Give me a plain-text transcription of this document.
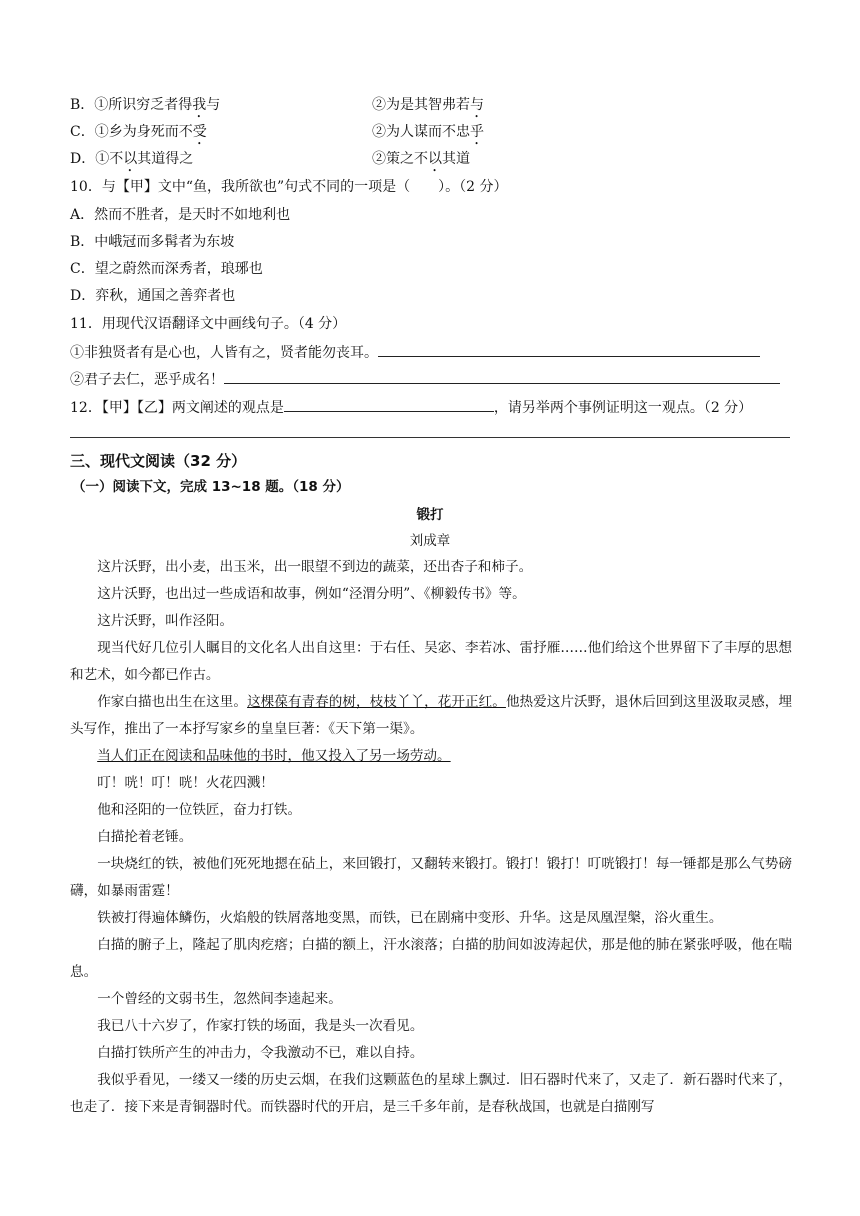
B．①所识穷乏者得我与	②为是其智弗若与
C．①乡为身死而不受	②为人谋而不忠乎
D．①不以其道得之	②策之不以其道
10．与【甲】文中“鱼，我所欲也”句式不同的一项是（　　）。（2 分）
A．然而不胜者，是天时不如地利也
B．中峨冠而多髯者为东坡
C．望之蔚然而深秀者，琅琊也
D．弈秋，通国之善弈者也
11．用现代汉语翻译文中画线句子。（4 分）
①非独贤者有是心也，人皆有之，贤者能勿丧耳。
②君子去仁，恶乎成名！
12．【甲】【乙】两文阐述的观点是	，请另举两个事例证明这一观点。（2 分）
三、现代文阅读（32 分）
（一）阅读下文，完成 13~18 题。（18 分）
锻打
刘成章

这片沃野，出小麦，出玉米，出一眼望不到边的蔬菜，还出杏子和柿子。

这片沃野，也出过一些成语和故事，例如“泾渭分明”、《柳毅传书》等。

这片沃野，叫作泾阳。

现当代好几位引人瞩目的文化名人出自这里：于右任、吴宓、李若冰、雷抒雁……他们给这个世界留下了丰厚的思想和艺术，如今都已作古。

作家白描也出生在这里。这棵葆有青春的树，枝枝丫丫，花开正红。他热爱这片沃野，退休后回到这里汲取灵感，埋头写作，推出了一本抒写家乡的皇皇巨著：《天下第一渠》。

当人们正在阅读和品味他的书时，他又投入了另一场劳动。

叮！咣！叮！咣！火花四溅！

他和泾阳的一位铁匠，奋力打铁。

白描抡着老锤。

一块烧红的铁，被他们死死地摁在砧上，来回锻打，又翻转来锻打。锻打！锻打！叮咣锻打！每一锤都是那么气势磅礴，如暴雨雷霆！

铁被打得遍体鳞伤，火焰般的铁屑落地变黑，而铁，已在剧痛中变形、升华。这是凤凰涅槃，浴火重生。

白描的腑子上，隆起了肌肉疙瘩；白描的额上，汗水滚落；白描的肋间如波涛起伏，那是他的肺在紧张呼吸，他在喘息。

一个曾经的文弱书生，忽然间李逵起来。

我已八十六岁了，作家打铁的场面，我是头一次看见。

白描打铁所产生的冲击力，令我激动不已，难以自持。

我似乎看见，一缕又一缕的历史云烟，在我们这颗蓝色的星球上飘过．旧石器时代来了，又走了．新石器时代来了，也走了．接下来是青铜器时代。而铁器时代的开启，是三千多年前，是春秋战国，也就是白描刚写
